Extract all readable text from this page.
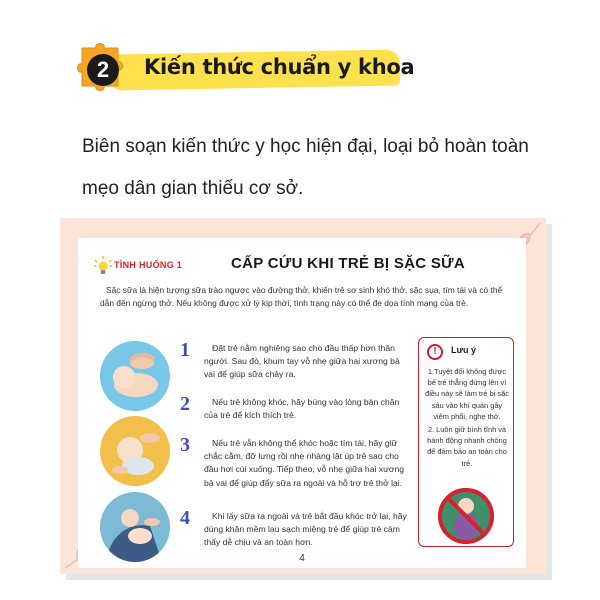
2	Kiến thức chuẩn y khoa
Biên soạn kiến thức y học hiện đại, loại bỏ hoàn toàn mẹo dân gian thiếu cơ sở.
TÌNH HUỐNG 1	CẤP CỨU KHI TRẺ BỊ SẶC SỮA
Sặc sữa là hiện tượng sữa trào ngược vào đường thở, khiến trẻ sơ sinh khó thở, sặc sụa, tím tái và có thể dẫn đến ngừng thở. Nếu không được xử lý kịp thời, tình trạng này có thể đe dọa tính mạng của trẻ.
1	Đặt trẻ nằm nghiêng sao cho đầu thấp hơn thân người. Sau đó, khum tay vỗ nhẹ giữa hai xương bả vai để giúp sữa chảy ra.
2	Nếu trẻ không khóc, hãy búng vào lòng bàn chân của trẻ để kích thích trẻ.
3	Nếu trẻ vẫn không thể khóc hoặc tím tái, hãy giữ chắc cằm, đỡ lưng rồi nhẹ nhàng lật úp trẻ sao cho đầu hơi cúi xuống. Tiếp theo, vỗ nhẹ giữa hai xương bả vai để giúp đẩy sữa ra ngoài và hỗ trợ trẻ thở lại.
4	Khi lấy sữa ra ngoài và trẻ bắt đầu khóc trở lại, hãy dùng khăn mềm lau sạch miệng trẻ để giúp trẻ cảm thấy dễ chịu và an toàn hơn.
!	Lưu ý
1.Tuyệt đối không được bế trẻ thẳng đứng lên vì điều này sẽ làm trẻ bị sặc sâu vào khí quản gây viêm phổi, nghẹ thở.
2. Luôn giữ bình tĩnh và hành động nhanh chóng để đảm bảo an toàn cho trẻ.
4
